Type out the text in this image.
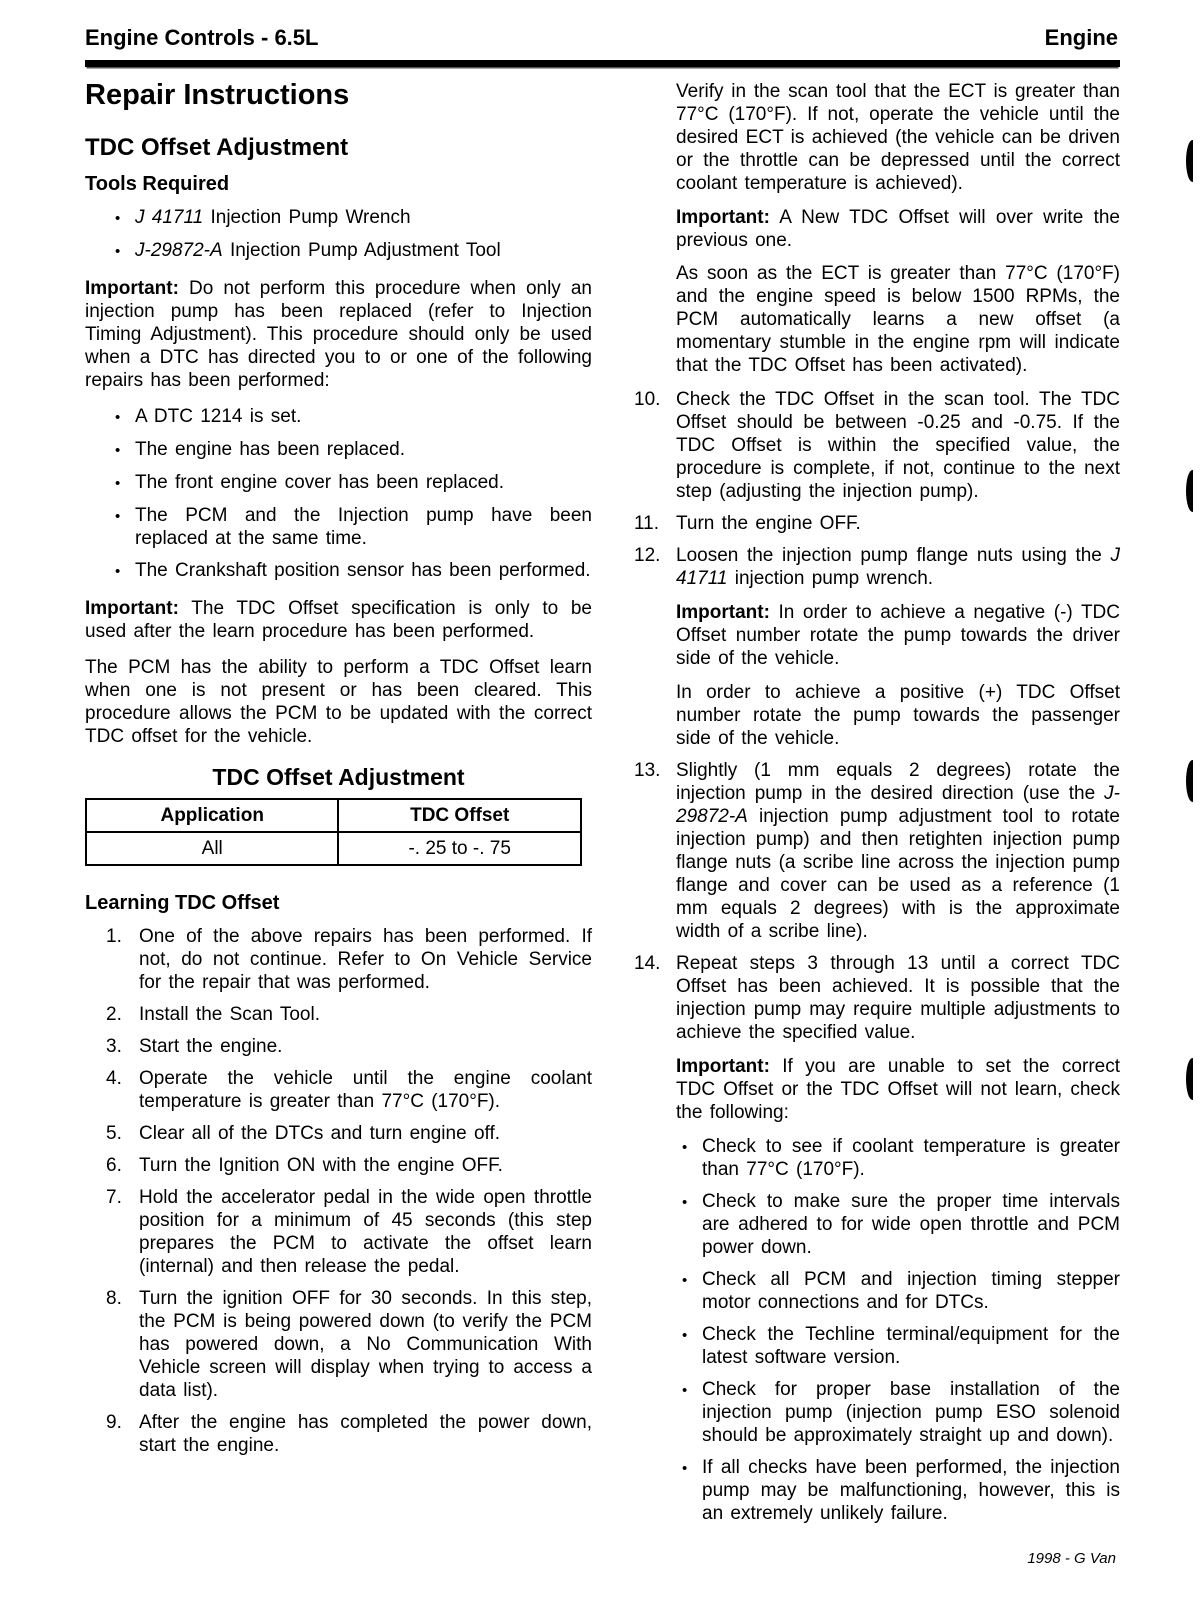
Engine Controls - 6.5L	Engine
Repair Instructions
TDC Offset Adjustment
Tools Required
•
J 41711 Injection Pump Wrench
•
J-29872-A Injection Pump Adjustment Tool

Important: Do not perform this procedure when only an injection pump has been replaced (refer to Injection Timing Adjustment). This procedure should only be used when a DTC has directed you to or one of the following repairs has been performed:

•
A DTC 1214 is set.
•
The engine has been replaced.
•
The front engine cover has been replaced.
•
The PCM and the Injection pump have been replaced at the same time.
•
The Crankshaft position sensor has been performed.

Important: The TDC Offset specification is only to be used after the learn procedure has been performed.

The PCM has the ability to perform a TDC Offset learn when one is not present or has been cleared. This procedure allows the PCM to be updated with the correct TDC offset for the vehicle.

TDC Offset Adjustment
Application	TDC Offset
All	-. 25 to -. 75
Learning TDC Offset
1. One of the above repairs has been performed. If not, do not continue. Refer to On Vehicle Service for the repair that was performed.
2. Install the Scan Tool.
3. Start the engine.
4. Operate the vehicle until the engine coolant temperature is greater than 77°C (170°F).
5. Clear all of the DTCs and turn engine off.
6. Turn the Ignition ON with the engine OFF.
7. Hold the accelerator pedal in the wide open throttle position for a minimum of 45 seconds (this step prepares the PCM to activate the offset learn (internal) and then release the pedal.
8. Turn the ignition OFF for 30 seconds. In this step, the PCM is being powered down (to verify the PCM has powered down, a No Communication With Vehicle screen will display when trying to access a data list).
9. After the engine has completed the power down, start the engine.

Verify in the scan tool that the ECT is greater than 77°C (170°F). If not, operate the vehicle until the desired ECT is achieved (the vehicle can be driven or the throttle can be depressed until the correct coolant temperature is achieved).

Important: A New TDC Offset will over write the previous one.

As soon as the ECT is greater than 77°C (170°F) and the engine speed is below 1500 RPMs, the PCM automatically learns a new offset (a momentary stumble in the engine rpm will indicate that the TDC Offset has been activated).

10. Check the TDC Offset in the scan tool. The TDC Offset should be between -0.25 and -0.75. If the TDC Offset is within the specified value, the procedure is complete, if not, continue to the next step (adjusting the injection pump).
11. Turn the engine OFF.
12. Loosen the injection pump flange nuts using the J 41711 injection pump wrench.

Important: In order to achieve a negative (-) TDC Offset number rotate the pump towards the driver side of the vehicle.

In order to achieve a positive (+) TDC Offset number rotate the pump towards the passenger side of the vehicle.

13. Slightly (1 mm equals 2 degrees) rotate the injection pump in the desired direction (use the J-29872-A injection pump adjustment tool to rotate injection pump) and then retighten injection pump flange nuts (a scribe line across the injection pump flange and cover can be used as a reference (1 mm equals 2 degrees) with is the approximate width of a scribe line).
14. Repeat steps 3 through 13 until a correct TDC Offset has been achieved. It is possible that the injection pump may require multiple adjustments to achieve the specified value.

Important: If you are unable to set the correct TDC Offset or the TDC Offset will not learn, check the following:

•
Check to see if coolant temperature is greater than 77°C (170°F).
•
Check to make sure the proper time intervals are adhered to for wide open throttle and PCM power down.
•
Check all PCM and injection timing stepper motor connections and for DTCs.
•
Check the Techline terminal/equipment for the latest software version.
•
Check for proper base installation of the injection pump (injection pump ESO solenoid should be approximately straight up and down).
•
If all checks have been performed, the injection pump may be malfunctioning, however, this is an extremely unlikely failure.
1998 - G Van
